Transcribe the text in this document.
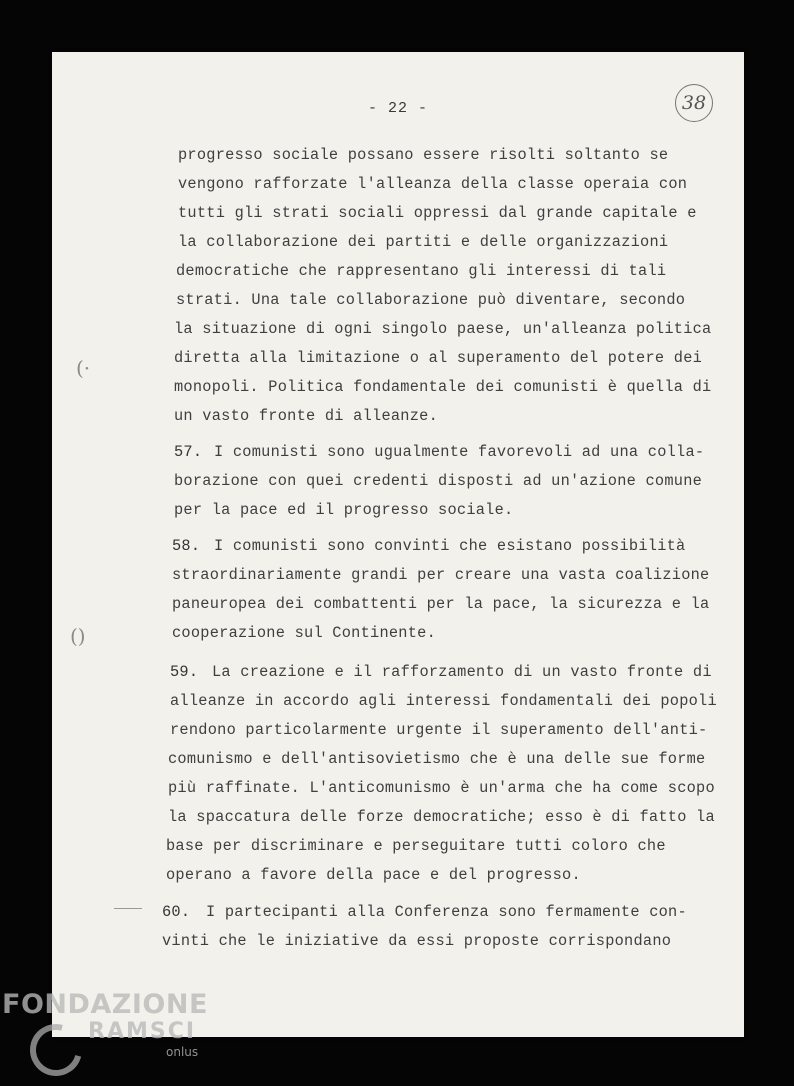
- 22 -	38
progresso sociale possano essere risolti soltanto se
vengono rafforzate l'alleanza della classe operaia con
tutti gli strati sociali oppressi dal grande capitale e
la collaborazione dei partiti e delle organizzazioni
democratiche che rappresentano gli interessi di tali
strati. Una tale collaborazione può diventare, secondo
la situazione di ogni singolo paese, un'alleanza politica
diretta alla limitazione o al superamento del potere dei
monopoli. Politica fondamentale dei comunisti è quella di
un vasto fronte di alleanze.
57. I comunisti sono ugualmente favorevoli ad una colla-
borazione con quei credenti disposti ad un'azione comune
per la pace ed il progresso sociale.
58. I comunisti sono convinti che esistano possibilità
straordinariamente grandi per creare una vasta coalizione
paneuropea dei combattenti per la pace, la sicurezza e la
cooperazione sul Continente.
59. La creazione e il rafforzamento di un vasto fronte di
alleanze in accordo agli interessi fondamentali dei popoli
rendono particolarmente urgente il superamento dell'anti-
comunismo e dell'antisovietismo che è una delle sue forme
più raffinate. L'anticomunismo è un'arma che ha come scopo
la spaccatura delle forze democratiche; esso è di fatto la
base per discriminare e perseguitare tutti coloro che
operano a favore della pace e del progresso.
60. I partecipanti alla Conferenza sono fermamente con-
vinti che le iniziative da essi proposte corrispondano
(·
()
FONDAZIONE
RAMSCI
onlus
